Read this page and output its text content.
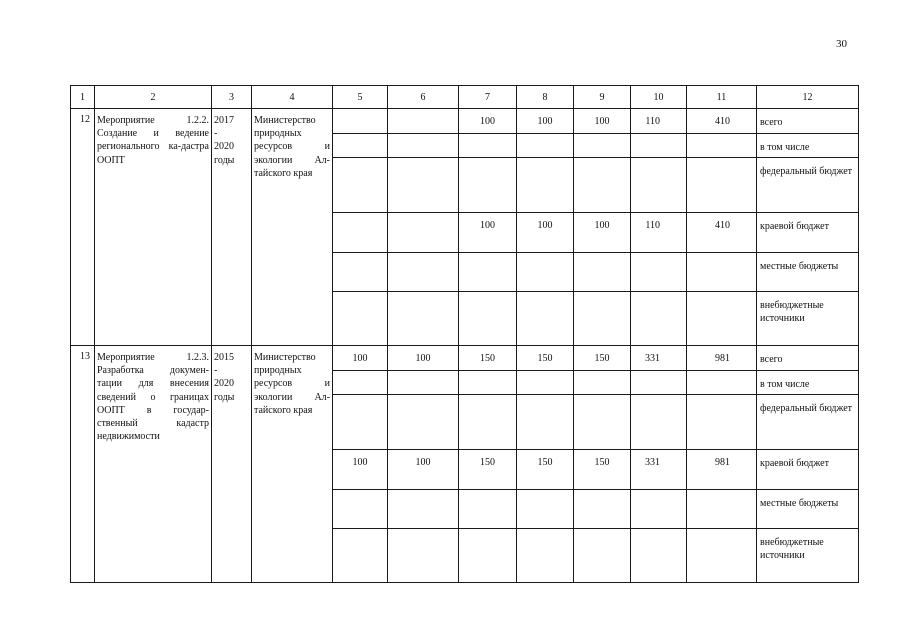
30
1	2	3	4	5	6	7	8	9	10	11	12
12	Мероприятие 1.2.2. Создание и ведение регионального ка-дастра ООПТ	2017
-
2020
годы	Министерство природных ресурсов и экологии Ал-тайского края			100	100	100	110	410	всего
											в том числе
											федеральный бюджет
						100	100	100	110	410	краевой бюджет
											местные бюджеты
											внебюджетные источники
13	Мероприятие 1.2.3. Разработка докумен-тации для внесения сведений о границах ООПТ в государ-ственный кадастр недвижимости	2015
-
2020
годы	Министерство природных ресурсов и экологии Ал-тайского края	100	100	150	150	150	331	981	всего
											в том числе
											федеральный бюджет
				100	100	150	150	150	331	981	краевой бюджет
											местные бюджеты
											внебюджетные источники
